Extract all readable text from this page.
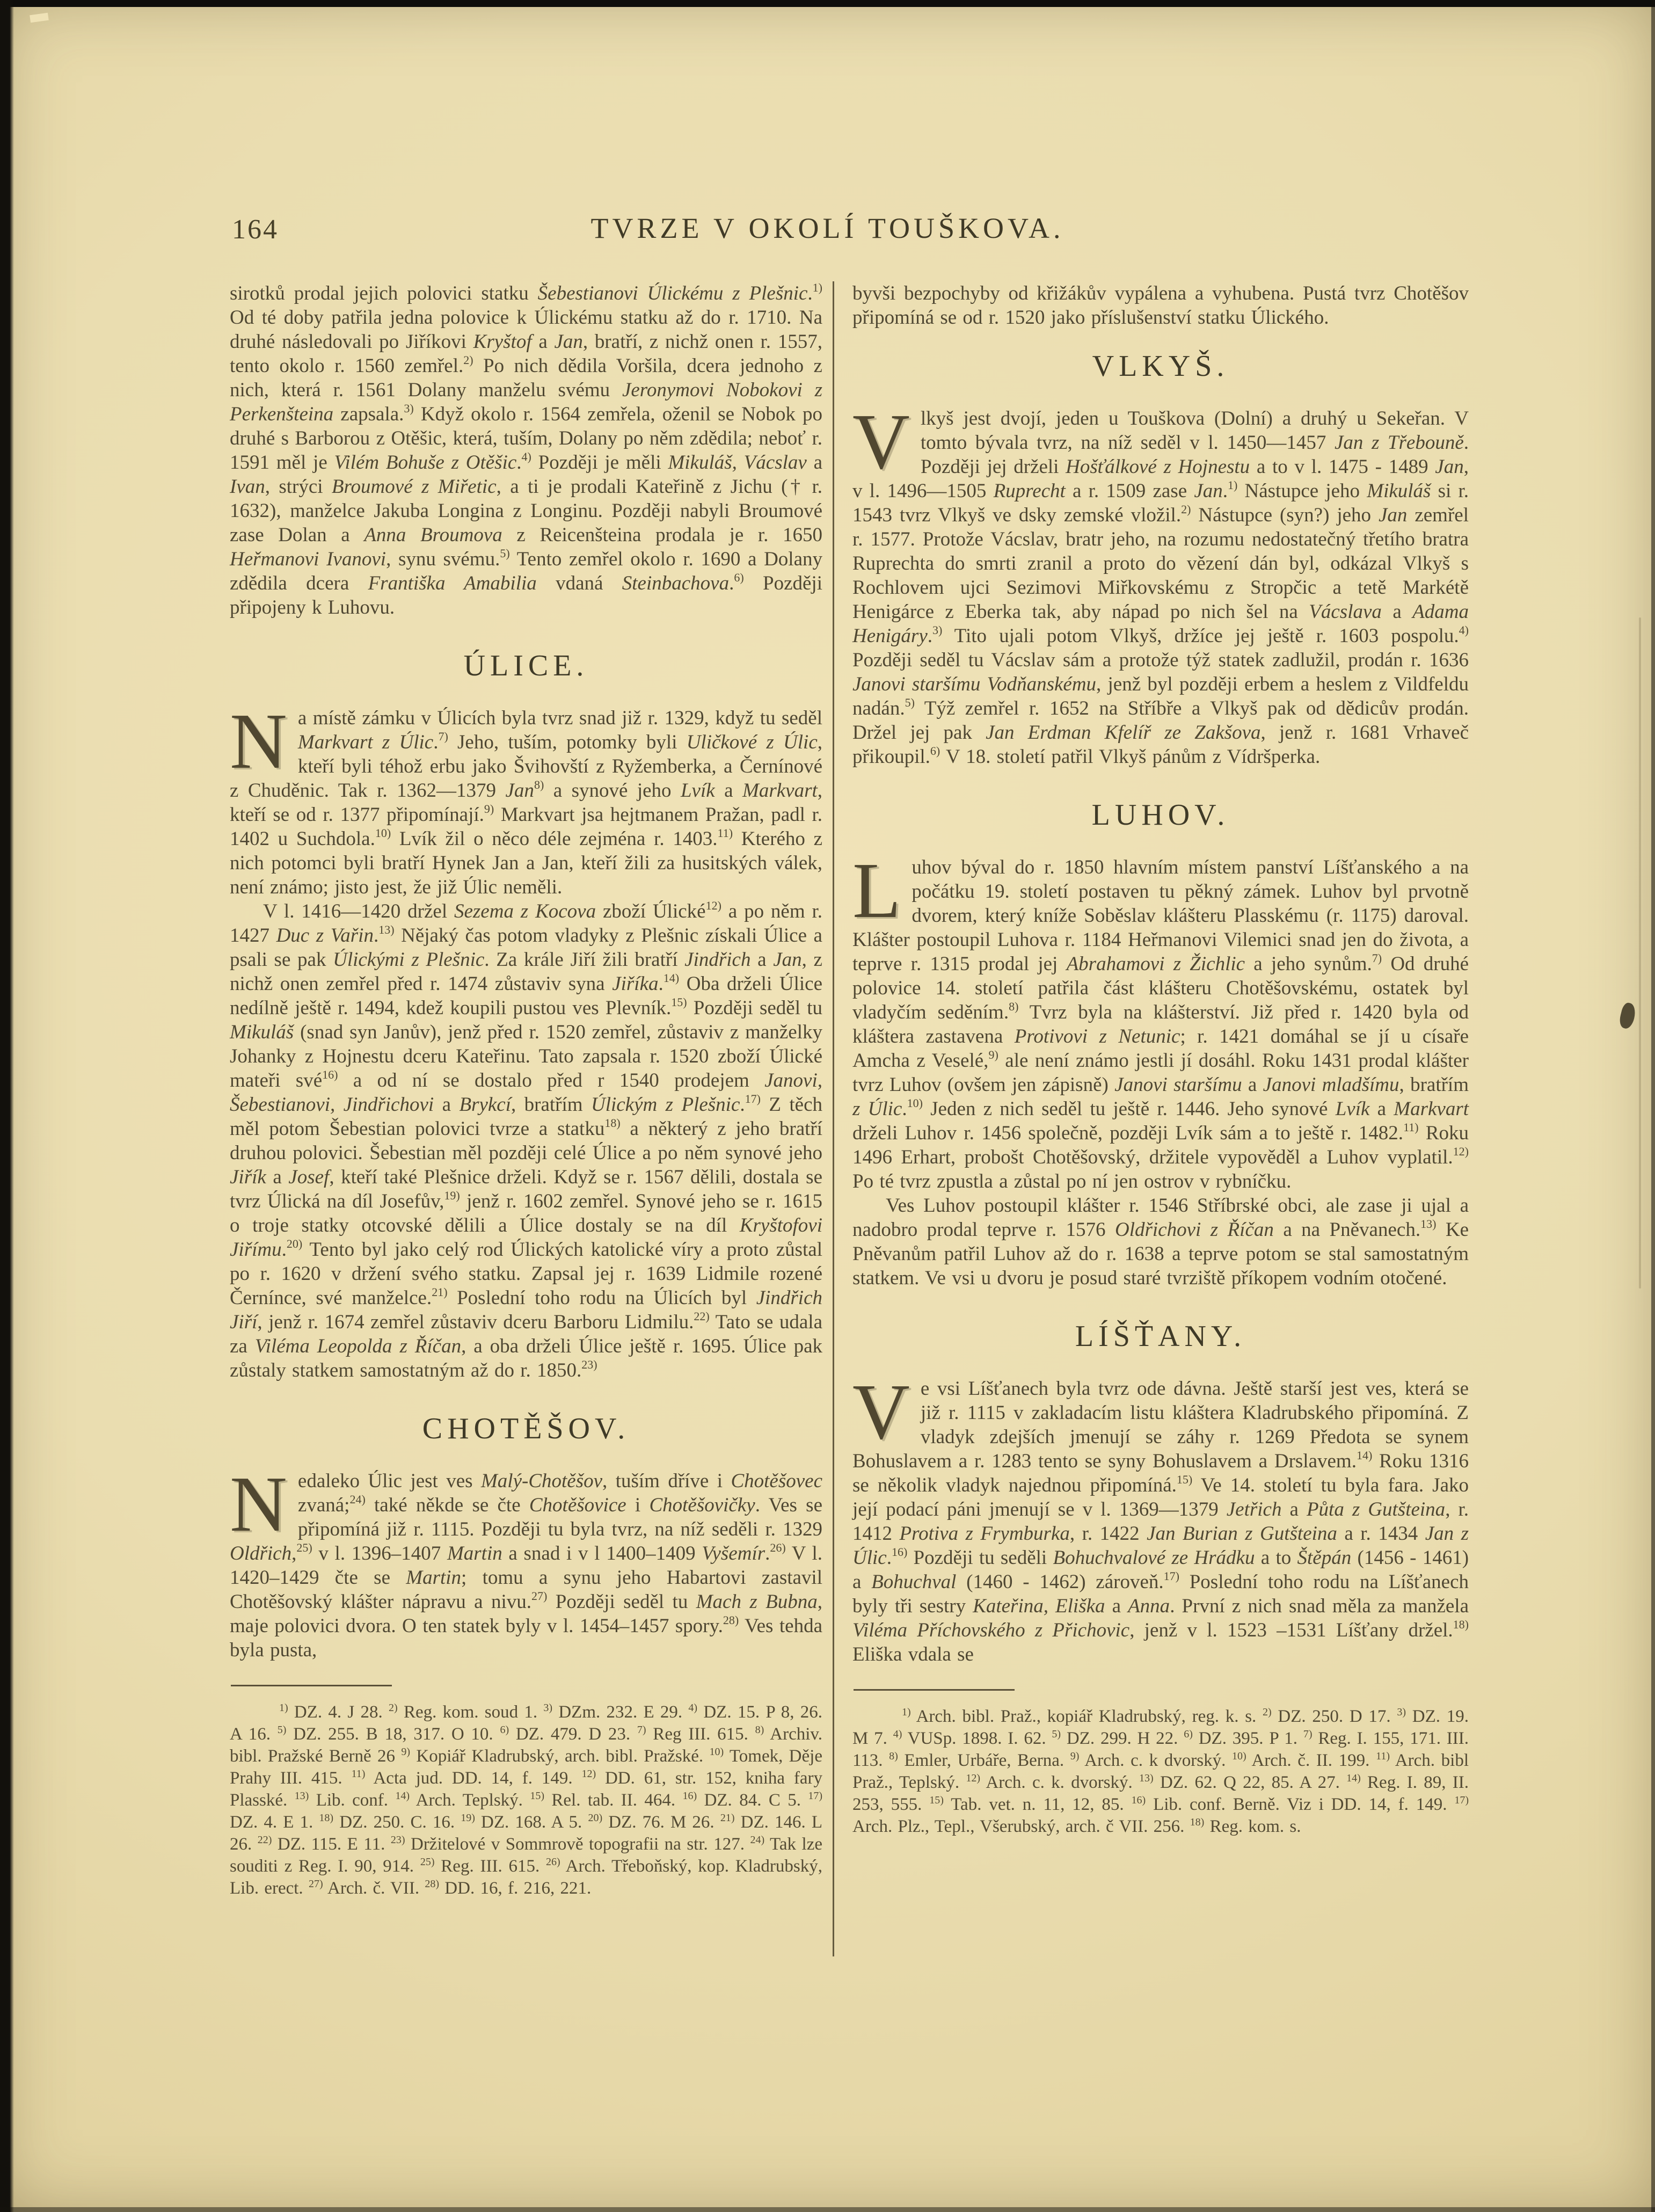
164	TVRZE V OKOLÍ TOUŠKOVA.

sirotků prodal jejich polovici statku Šebestianovi Úlickému z Plešnic.$^{1)}$ Od té doby patřila jedna polovice k Úlickému statku až do r. 1710. Na druhé následovali po Jiříkovi Kryštof a Jan, bratří, z nichž onen r. 1557, tento okolo r. 1560 zemřel.$^{2)}$ Po nich dědila Voršila, dcera jednoho z nich, která r. 1561 Dolany manželu svému Jeronymovi Nobokovi z Perkenšteina zapsala.$^{3)}$ Když okolo r. 1564 zemřela, oženil se Nobok po druhé s Barborou z Otěšic, která, tuším, Dolany po něm zdědila; neboť r. 1591 měl je Vilém Bohuše z Otěšic.$^{4)}$ Později je měli Mikuláš, Vácslav a Ivan, strýci Broumové z Miřetic, a ti je prodali Kateřině z Jichu († r. 1632), manželce Jakuba Longina z Longinu. Později nabyli Broumové zase Dolan a Anna Broumova z Reicenšteina prodala je r. 1650 Heřmanovi Ivanovi, synu svému.$^{5)}$ Tento zemřel okolo r. 1690 a Dolany zdědila dcera Františka Amabilia vdaná Steinbachova.$^{6)}$ Později připojeny k Luhovu.

ÚLICE.

Na místě zámku v Úlicích byla tvrz snad již r. 1329, když tu seděl Markvart z Úlic.$^{7)}$ Jeho, tuším, potomky byli Uličkové z Úlic, kteří byli téhož erbu jako Švihovští z Ryžemberka, a Černínové z Chuděnic. Tak r. 1362—1379 Jan$^{8)}$ a synové jeho Lvík a Markvart, kteří se od r. 1377 připomínají.$^{9)}$ Markvart jsa hejtmanem Pražan, padl r. 1402 u Suchdola.$^{10)}$ Lvík žil o něco déle zejména r. 1403.$^{11)}$ Kterého z nich potomci byli bratří Hynek Jan a Jan, kteří žili za husitských válek, není známo; jisto jest, že již Úlic neměli.

V l. 1416—1420 držel Sezema z Kocova zboží Úlické$^{12)}$ a po něm r. 1427 Duc z Vařin.$^{13)}$ Nějaký čas potom vladyky z Plešnic získali Úlice a psali se pak Úlickými z Plešnic. Za krále Jiří žili bratří Jindřich a Jan, z nichž onen zemřel před r. 1474 zůstaviv syna Jiříka.$^{14)}$ Oba drželi Úlice nedílně ještě r. 1494, kdež koupili pustou ves Plevník.$^{15)}$ Později seděl tu Mikuláš (snad syn Janův), jenž před r. 1520 zemřel, zůstaviv z manželky Johanky z Hojnestu dceru Kateřinu. Tato zapsala r. 1520 zboží Úlické mateři své$^{16)}$ a od ní se dostalo před r 1540 prodejem Janovi, Šebestianovi, Jindřichovi a Brykcí, bratřím Úlickým z Plešnic.$^{17)}$ Z těch měl potom Šebestian polovici tvrze a statku$^{18)}$ a některý z jeho bratří druhou polovici. Šebestian měl později celé Úlice a po něm synové jeho Jiřík a Josef, kteří také Plešnice drželi. Když se r. 1567 dělili, dostala se tvrz Úlická na díl Josefův,$^{19)}$ jenž r. 1602 zemřel. Synové jeho se r. 1615 o troje statky otcovské dělili a Úlice dostaly se na díl Kryštofovi Jiřímu.$^{20)}$ Tento byl jako celý rod Úlických katolické víry a proto zůstal po r. 1620 v držení svého statku. Zapsal jej r. 1639 Lidmile rozené Černínce, své manželce.$^{21)}$ Poslední toho rodu na Úlicích byl Jindřich Jiří, jenž r. 1674 zemřel zůstaviv dceru Barboru Lidmilu.$^{22)}$ Tato se udala za Viléma Leopolda z Říčan, a oba drželi Úlice ještě r. 1695. Úlice pak zůstaly statkem samostatným až do r. 1850.$^{23)}$

CHOTĚŠOV.

Nedaleko Úlic jest ves Malý-Chotěšov, tuším dříve i Chotěšovec zvaná;$^{24)}$ také někde se čte Chotěšovice i Chotěšovičky. Ves se připomíná již r. 1115. Později tu byla tvrz, na níž seděli r. 1329 Oldřich,$^{25)}$ v l. 1396–1407 Martin a snad i v l 1400–1409 Vyšemír.$^{26)}$ V l. 1420–1429 čte se Martin; tomu a synu jeho Habartovi zastavil Chotěšovský klášter nápravu a nivu.$^{27)}$ Později seděl tu Mach z Bubna, maje polovici dvora. O ten statek byly v l. 1454–1457 spory.$^{28)}$ Ves tehda byla pusta,

$^{1)}$ DZ. 4. J 28. $^{2)}$ Reg. kom. soud 1. $^{3)}$ DZm. 232. E 29. $^{4)}$ DZ. 15. P 8, 26. A 16. $^{5)}$ DZ. 255. B 18, 317. O 10. $^{6)}$ DZ. 479. D 23. $^{7)}$ Reg III. 615. $^{8)}$ Archiv. bibl. Pražské Berně 26 $^{9)}$ Kopiář Kladrubský, arch. bibl. Pražské. $^{10)}$ Tomek, Děje Prahy III. 415. $^{11)}$ Acta jud. DD. 14, f. 149. $^{12)}$ DD. 61, str. 152, kniha fary Plasské. $^{13)}$ Lib. conf. $^{14)}$ Arch. Teplský. $^{15)}$ Rel. tab. II. 464. $^{16)}$ DZ. 84. C 5. $^{17)}$ DZ. 4. E 1. $^{18)}$ DZ. 250. C. 16. $^{19)}$ DZ. 168. A 5. $^{20)}$ DZ. 76. M 26. $^{21)}$ DZ. 146. L 26. $^{22)}$ DZ. 115. E 11. $^{23)}$ Držitelové v Sommrově topografii na str. 127. $^{24)}$ Tak lze souditi z Reg. I. 90, 914. $^{25)}$ Reg. III. 615. $^{26)}$ Arch. Třeboňský, kop. Kladrubský, Lib. erect. $^{27)}$ Arch. č. VII. $^{28)}$ DD. 16, f. 216, 221.

byvši bezpochyby od křižákův vypálena a vyhubena. Pustá tvrz Chotěšov připomíná se od r. 1520 jako příslušenství statku Úlického.

VLKYŠ.

Vlkyš jest dvojí, jeden u Touškova (Dolní) a druhý u Sekeřan. V tomto bývala tvrz, na níž seděl v l. 1450—1457 Jan z Třebouně. Později jej drželi Hošťálkové z Hojnestu a to v l. 1475 - 1489 Jan, v l. 1496—1505 Ruprecht a r. 1509 zase Jan.$^{1)}$ Nástupce jeho Mikuláš si r. 1543 tvrz Vlkyš ve dsky zemské vložil.$^{2)}$ Nástupce (syn?) jeho Jan zemřel r. 1577. Protože Vácslav, bratr jeho, na rozumu nedostatečný třetího bratra Ruprechta do smrti zranil a proto do vězení dán byl, odkázal Vlkyš s Rochlovem ujci Sezimovi Miřkovskému z Stropčic a tetě Markétě Henigárce z Eberka tak, aby nápad po nich šel na Vácslava a Adama Henigáry.$^{3)}$ Tito ujali potom Vlkyš, držíce jej ještě r. 1603 pospolu.$^{4)}$ Později seděl tu Vácslav sám a protože týž statek zadlužil, prodán r. 1636 Janovi staršímu Vodňanskému, jenž byl později erbem a heslem z Vildfeldu nadán.$^{5)}$ Týž zemřel r. 1652 na Stříbře a Vlkyš pak od dědicův prodán. Držel jej pak Jan Erdman Kfelíř ze Zakšova, jenž r. 1681 Vrhaveč přikoupil.$^{6)}$ V 18. století patřil Vlkyš pánům z Vídršperka.

LUHOV.

Luhov býval do r. 1850 hlavním místem panství Líšťanského a na počátku 19. století postaven tu pěkný zámek. Luhov byl prvotně dvorem, který kníže Soběslav klášteru Plasskému (r. 1175) daroval. Klášter postoupil Luhova r. 1184 Heřmanovi Vilemici snad jen do života, a teprve r. 1315 prodal jej Abrahamovi z Žichlic a jeho synům.$^{7)}$ Od druhé polovice 14. století patřila část klášteru Chotěšovskému, ostatek byl vladyčím seděním.$^{8)}$ Tvrz byla na klášterství. Již před r. 1420 byla od kláštera zastavena Protivovi z Netunic; r. 1421 domáhal se jí u císaře Amcha z Veselé,$^{9)}$ ale není známo jestli jí dosáhl. Roku 1431 prodal klášter tvrz Luhov (ovšem jen zápisně) Janovi staršímu a Janovi mladšímu, bratřím z Úlic.$^{10)}$ Jeden z nich seděl tu ještě r. 1446. Jeho synové Lvík a Markvart drželi Luhov r. 1456 společně, později Lvík sám a to ještě r. 1482.$^{11)}$ Roku 1496 Erhart, probošt Chotěšovský, držitele vypověděl a Luhov vyplatil.$^{12)}$ Po té tvrz zpustla a zůstal po ní jen ostrov v rybníčku.

Ves Luhov postoupil klášter r. 1546 Stříbrské obci, ale zase ji ujal a nadobro prodal teprve r. 1576 Oldřichovi z Říčan a na Pněvanech.$^{13)}$ Ke Pněvanům patřil Luhov až do r. 1638 a teprve potom se stal samostatným statkem. Ve vsi u dvoru je posud staré tvrziště příkopem vodním otočené.

LÍŠŤANY.

Ve vsi Líšťanech byla tvrz ode dávna. Ještě starší jest ves, která se již r. 1115 v zakladacím listu kláštera Kladrubského připomíná. Z vladyk zdejších jmenují se záhy r. 1269 Předota se synem Bohuslavem a r. 1283 tento se syny Bohuslavem a Drslavem.$^{14)}$ Roku 1316 se několik vladyk najednou připomíná.$^{15)}$ Ve 14. století tu byla fara. Jako její podací páni jmenují se v l. 1369—1379 Jetřich a Půta z Gutšteina, r. 1412 Protiva z Frymburka, r. 1422 Jan Burian z Gutšteina a r. 1434 Jan z Úlic.$^{16)}$ Později tu seděli Bohuchvalové ze Hrádku a to Štěpán (1456 - 1461) a Bohuchval (1460 - 1462) zároveň.$^{17)}$ Poslední toho rodu na Líšťanech byly tři sestry Kateřina, Eliška a Anna. První z nich snad měla za manžela Viléma Příchovského z Přichovic, jenž v l. 1523 –1531 Líšťany držel.$^{18)}$ Eliška vdala se

$^{1)}$ Arch. bibl. Praž., kopiář Kladrubský, reg. k. s. $^{2)}$ DZ. 250. D 17. $^{3)}$ DZ. 19. M 7. $^{4)}$ VUSp. 1898. I. 62. $^{5)}$ DZ. 299. H 22. $^{6)}$ DZ. 395. P 1. $^{7)}$ Reg. I. 155, 171. III. 113. $^{8)}$ Emler, Urbáře, Berna. $^{9)}$ Arch. c. k dvorský. $^{10)}$ Arch. č. II. 199. $^{11)}$ Arch. bibl Praž., Teplský. $^{12)}$ Arch. c. k. dvorský. $^{13)}$ DZ. 62. Q 22, 85. A 27. $^{14)}$ Reg. I. 89, II. 253, 555. $^{15)}$ Tab. vet. n. 11, 12, 85. $^{16)}$ Lib. conf. Berně. Viz i DD. 14, f. 149. $^{17)}$ Arch. Plz., Tepl., Všerubský, arch. č VII. 256. $^{18)}$ Reg. kom. s.
